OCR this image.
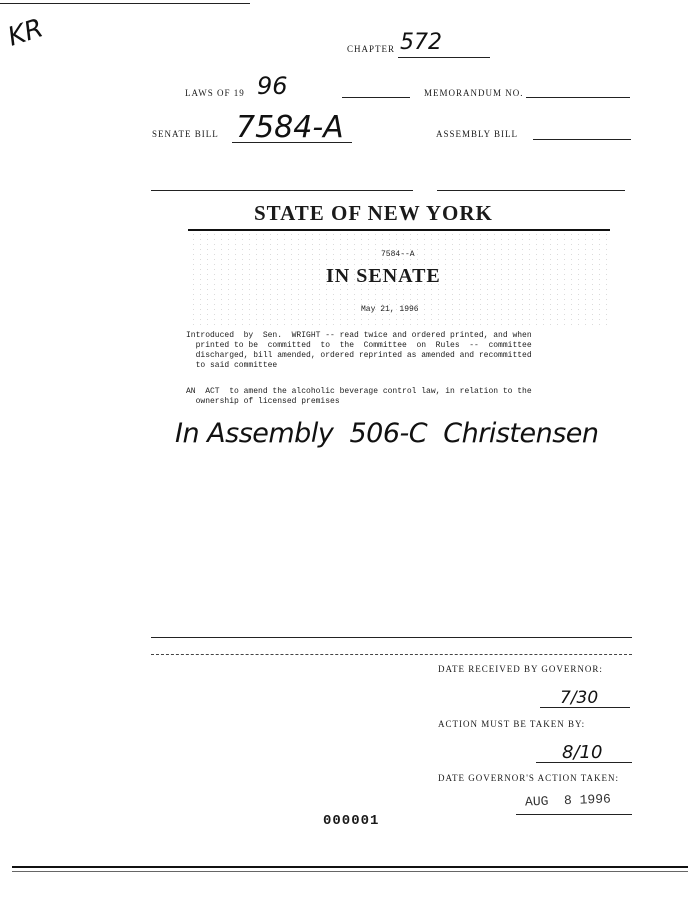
KR	CHAPTER 572
LAWS OF 19 96	MEMORANDUM NO.
SENATE BILL 7584-A	ASSEMBLY BILL
STATE OF NEW YORK
7584--A
IN SENATE
May 21, 1996
Introduced  by  Sen.  WRIGHT -- read twice and ordered printed, and when
printed to be  committed  to  the  Committee  on  Rules  --  committee
discharged, bill amended, ordered reprinted as amended and recommitted
to said committee
AN  ACT  to amend the alcoholic beverage control law, in relation to the
ownership of licensed premises
In Assembly  506-C  Christensen
DATE RECEIVED BY GOVERNOR:
7/30
ACTION MUST BE TAKEN BY:
8/10
DATE GOVERNOR'S ACTION TAKEN:
AUG  8 1996
000001
